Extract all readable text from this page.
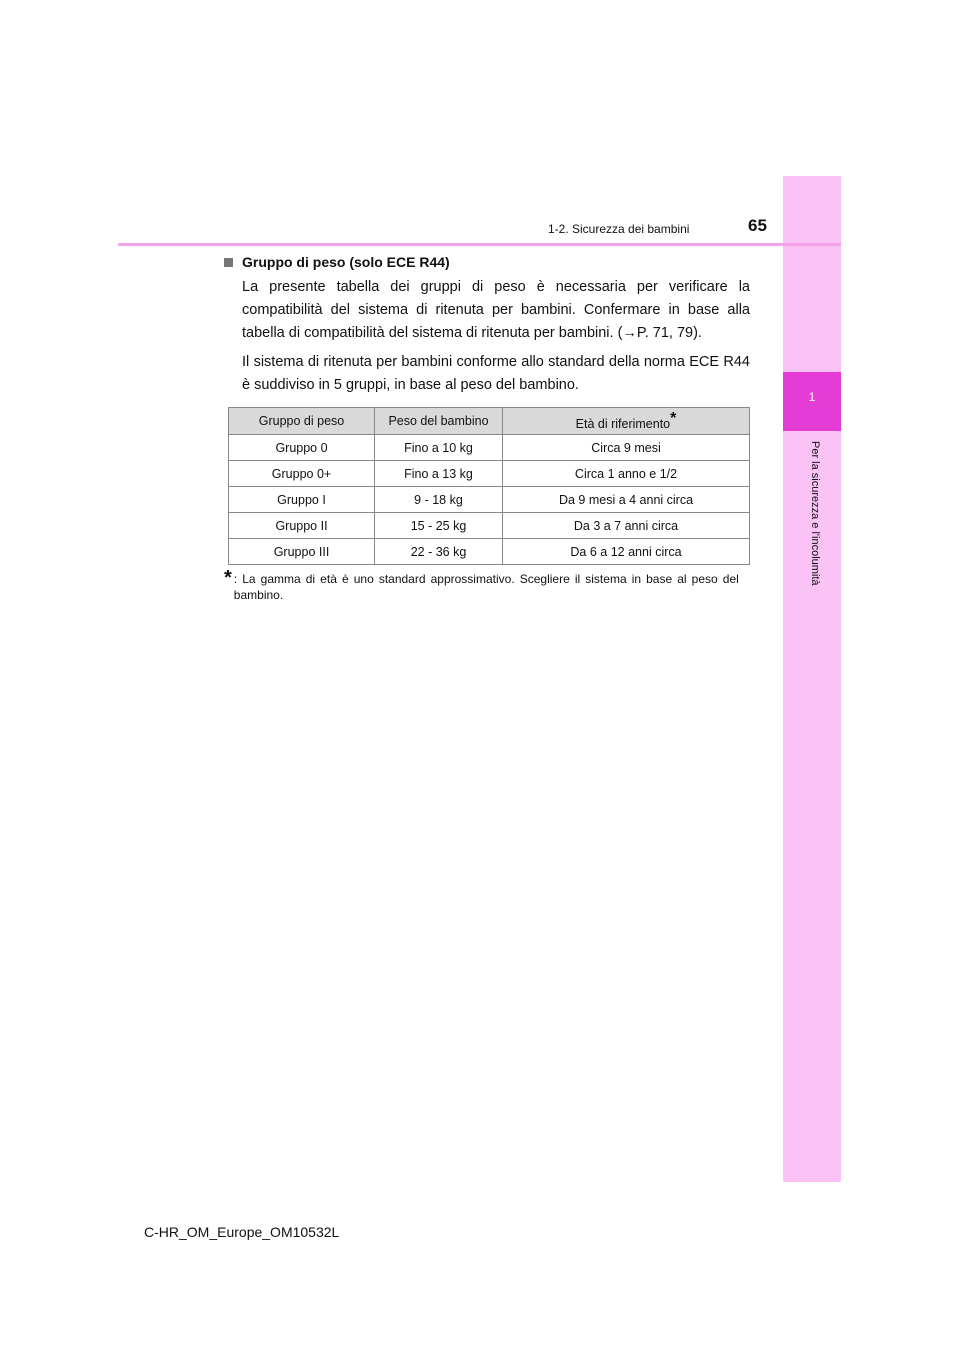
1
Per la sicurezza e l'incolumità
1-2. Sicurezza dei bambini	65
Gruppo di peso (solo ECE R44)

La presente tabella dei gruppi di peso è necessaria per verificare la compatibilità del sistema di ritenuta per bambini. Confermare in base alla tabella di compatibilità del sistema di ritenuta per bambini. (→P. 71, 79).

Il sistema di ritenuta per bambini conforme allo standard della norma ECE R44 è suddiviso in 5 gruppi, in base al peso del bambino.

Gruppo di peso	Peso del bambino	Età di riferimento*
Gruppo 0	Fino a 10 kg	Circa 9 mesi
Gruppo 0+	Fino a 13 kg	Circa 1 anno e 1/2
Gruppo I	9 - 18 kg	Da 9 mesi a 4 anni circa
Gruppo II	15 - 25 kg	Da 3 a 7 anni circa
Gruppo III	22 - 36 kg	Da 6 a 12 anni circa
* : La gamma di età è uno standard approssimativo. Scegliere il sistema in base al peso del bambino.
C-HR_OM_Europe_OM10532L
